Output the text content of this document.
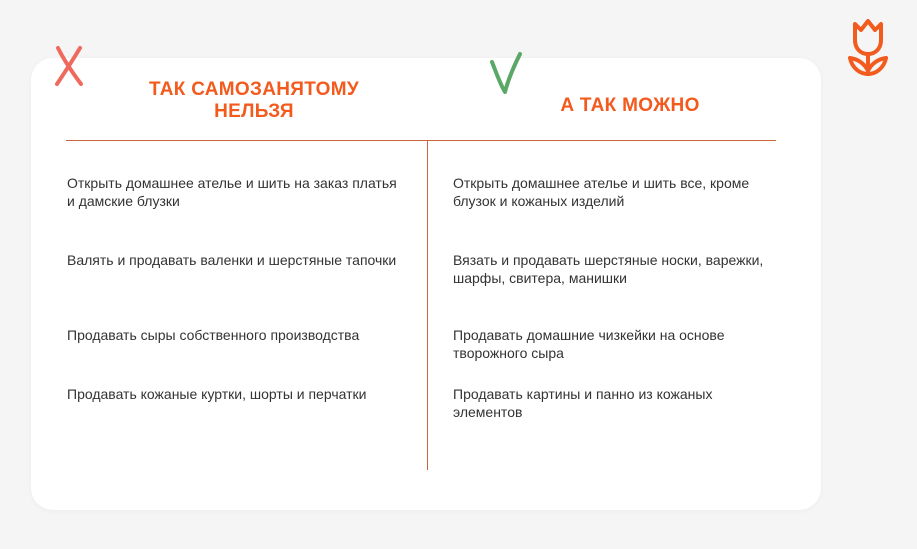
ТАК САМОЗАНЯТОМУ НЕЛЬЗЯ	А ТАК МОЖНО
Открыть домашнее ателье и шить на заказ платья и дамские блузки
Валять и продавать валенки и шерстяные тапочки
Продавать сыры собственного производства
Продавать кожаные куртки, шорты и перчатки
Открыть домашнее ателье и шить все, кроме блузок и кожаных изделий
Вязать и продавать шерстяные носки, варежки, шарфы, свитера, манишки
Продавать домашние чизкейки на основе творожного сыра
Продавать картины и панно из кожаных элементов
